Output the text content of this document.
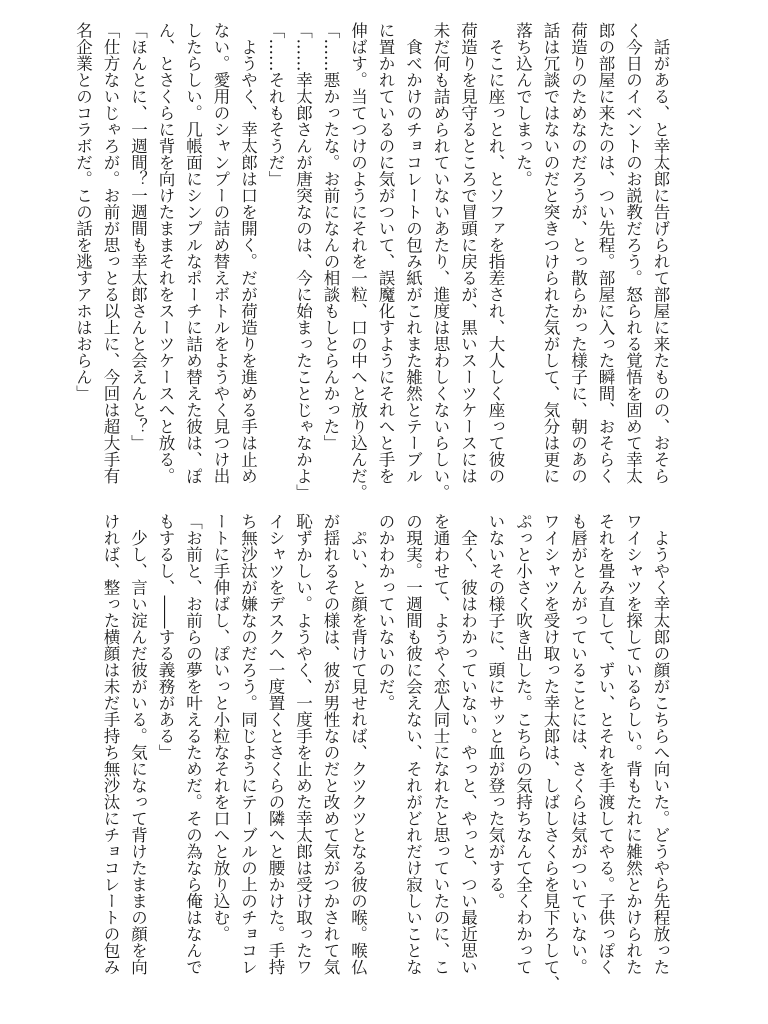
　話がある、と幸太郎に告げられて部屋に来たものの、おそら
く今日のイベントのお説教だろう。怒られる覚悟を固めて幸太
郎の部屋に来たのは、つい先程。部屋に入った瞬間、おそらく
荷造りのためなのだろうが、とっ散らかった様子に、朝のあの
話は冗談ではないのだと突きつけられた気がして、気分は更に
落ち込んでしまった。
　そこに座っとれ、とソファを指差され、大人しく座って彼の
荷造りを見守るところで冒頭に戻るが、黒いスーツケースには
未だ何も詰められていないあたり、進度は思わしくないらしい。
　食べかけのチョコレートの包み紙がこれまた雑然とテーブル
に置かれているのに気がついて、誤魔化すようにそれへと手を
伸ばす。当てつけのようにそれを一粒、口の中へと放り込んだ。
「……悪かったな。お前になんの相談もしとらんかった」
「……幸太郎さんが唐突なのは、今に始まったことじゃなかよ」
「……それもそうだ」
　ようやく、幸太郎は口を開く。だが荷造りを進める手は止め
ない。愛用のシャンプーの詰め替えボトルをようやく見つけ出
したらしい。几帳面にシンプルなポーチに詰め替えた彼は、ぽ
ん、とさくらに背を向けたままそれをスーツケースへと放る。
「ほんとに、一週間？一週間も幸太郎さんと会えんと？」
「仕方ないじゃろが。お前が思っとる以上に、今回は超大手有
名企業とのコラボだ。この話を逃すアホはおらん」
　ようやく幸太郎の顔がこちらへ向いた。どうやら先程放った
ワイシャツを探しているらしい。背もたれに雑然とかけられた
それを畳み直して、ずい、とそれを手渡してやる。子供っぽく
も唇がとんがっていることには、さくらは気がついていない。
ワイシャツを受け取った幸太郎は、しばしさくらを見下ろして、
ぷっと小さく吹き出した。こちらの気持ちなんて全くわかって
いないその様子に、頭にサッと血が登った気がする。
　全く、彼はわかっていない。やっと、やっと、つい最近思い
を通わせて、ようやく恋人同士になれたと思っていたのに、こ
の現実。一週間も彼に会えない、それがどれだけ寂しいことな
のかわかっていないのだ。
　ぷい、と顔を背けて見せれば、クツクツとなる彼の喉。喉仏
が揺れるその様は、彼が男性なのだと改めて気がつかされて気
恥ずかしい。ようやく、一度手を止めた幸太郎は受け取ったワ
イシャツをデスクへ一度置くとさくらの隣へと腰かけた。手持
ち無沙汰が嫌なのだろう。同じようにテーブルの上のチョコレ
ートに手伸ばし、ぽいっと小粒なそれを口へと放り込む。
「お前と、お前らの夢を叶えるためだ。その為なら俺はなんで
もするし、――する義務がある」
　少し、言い淀んだ彼がいる。気になって背けたままの顔を向
ければ、整った横顔は未だ手持ち無沙汰にチョコレートの包み
